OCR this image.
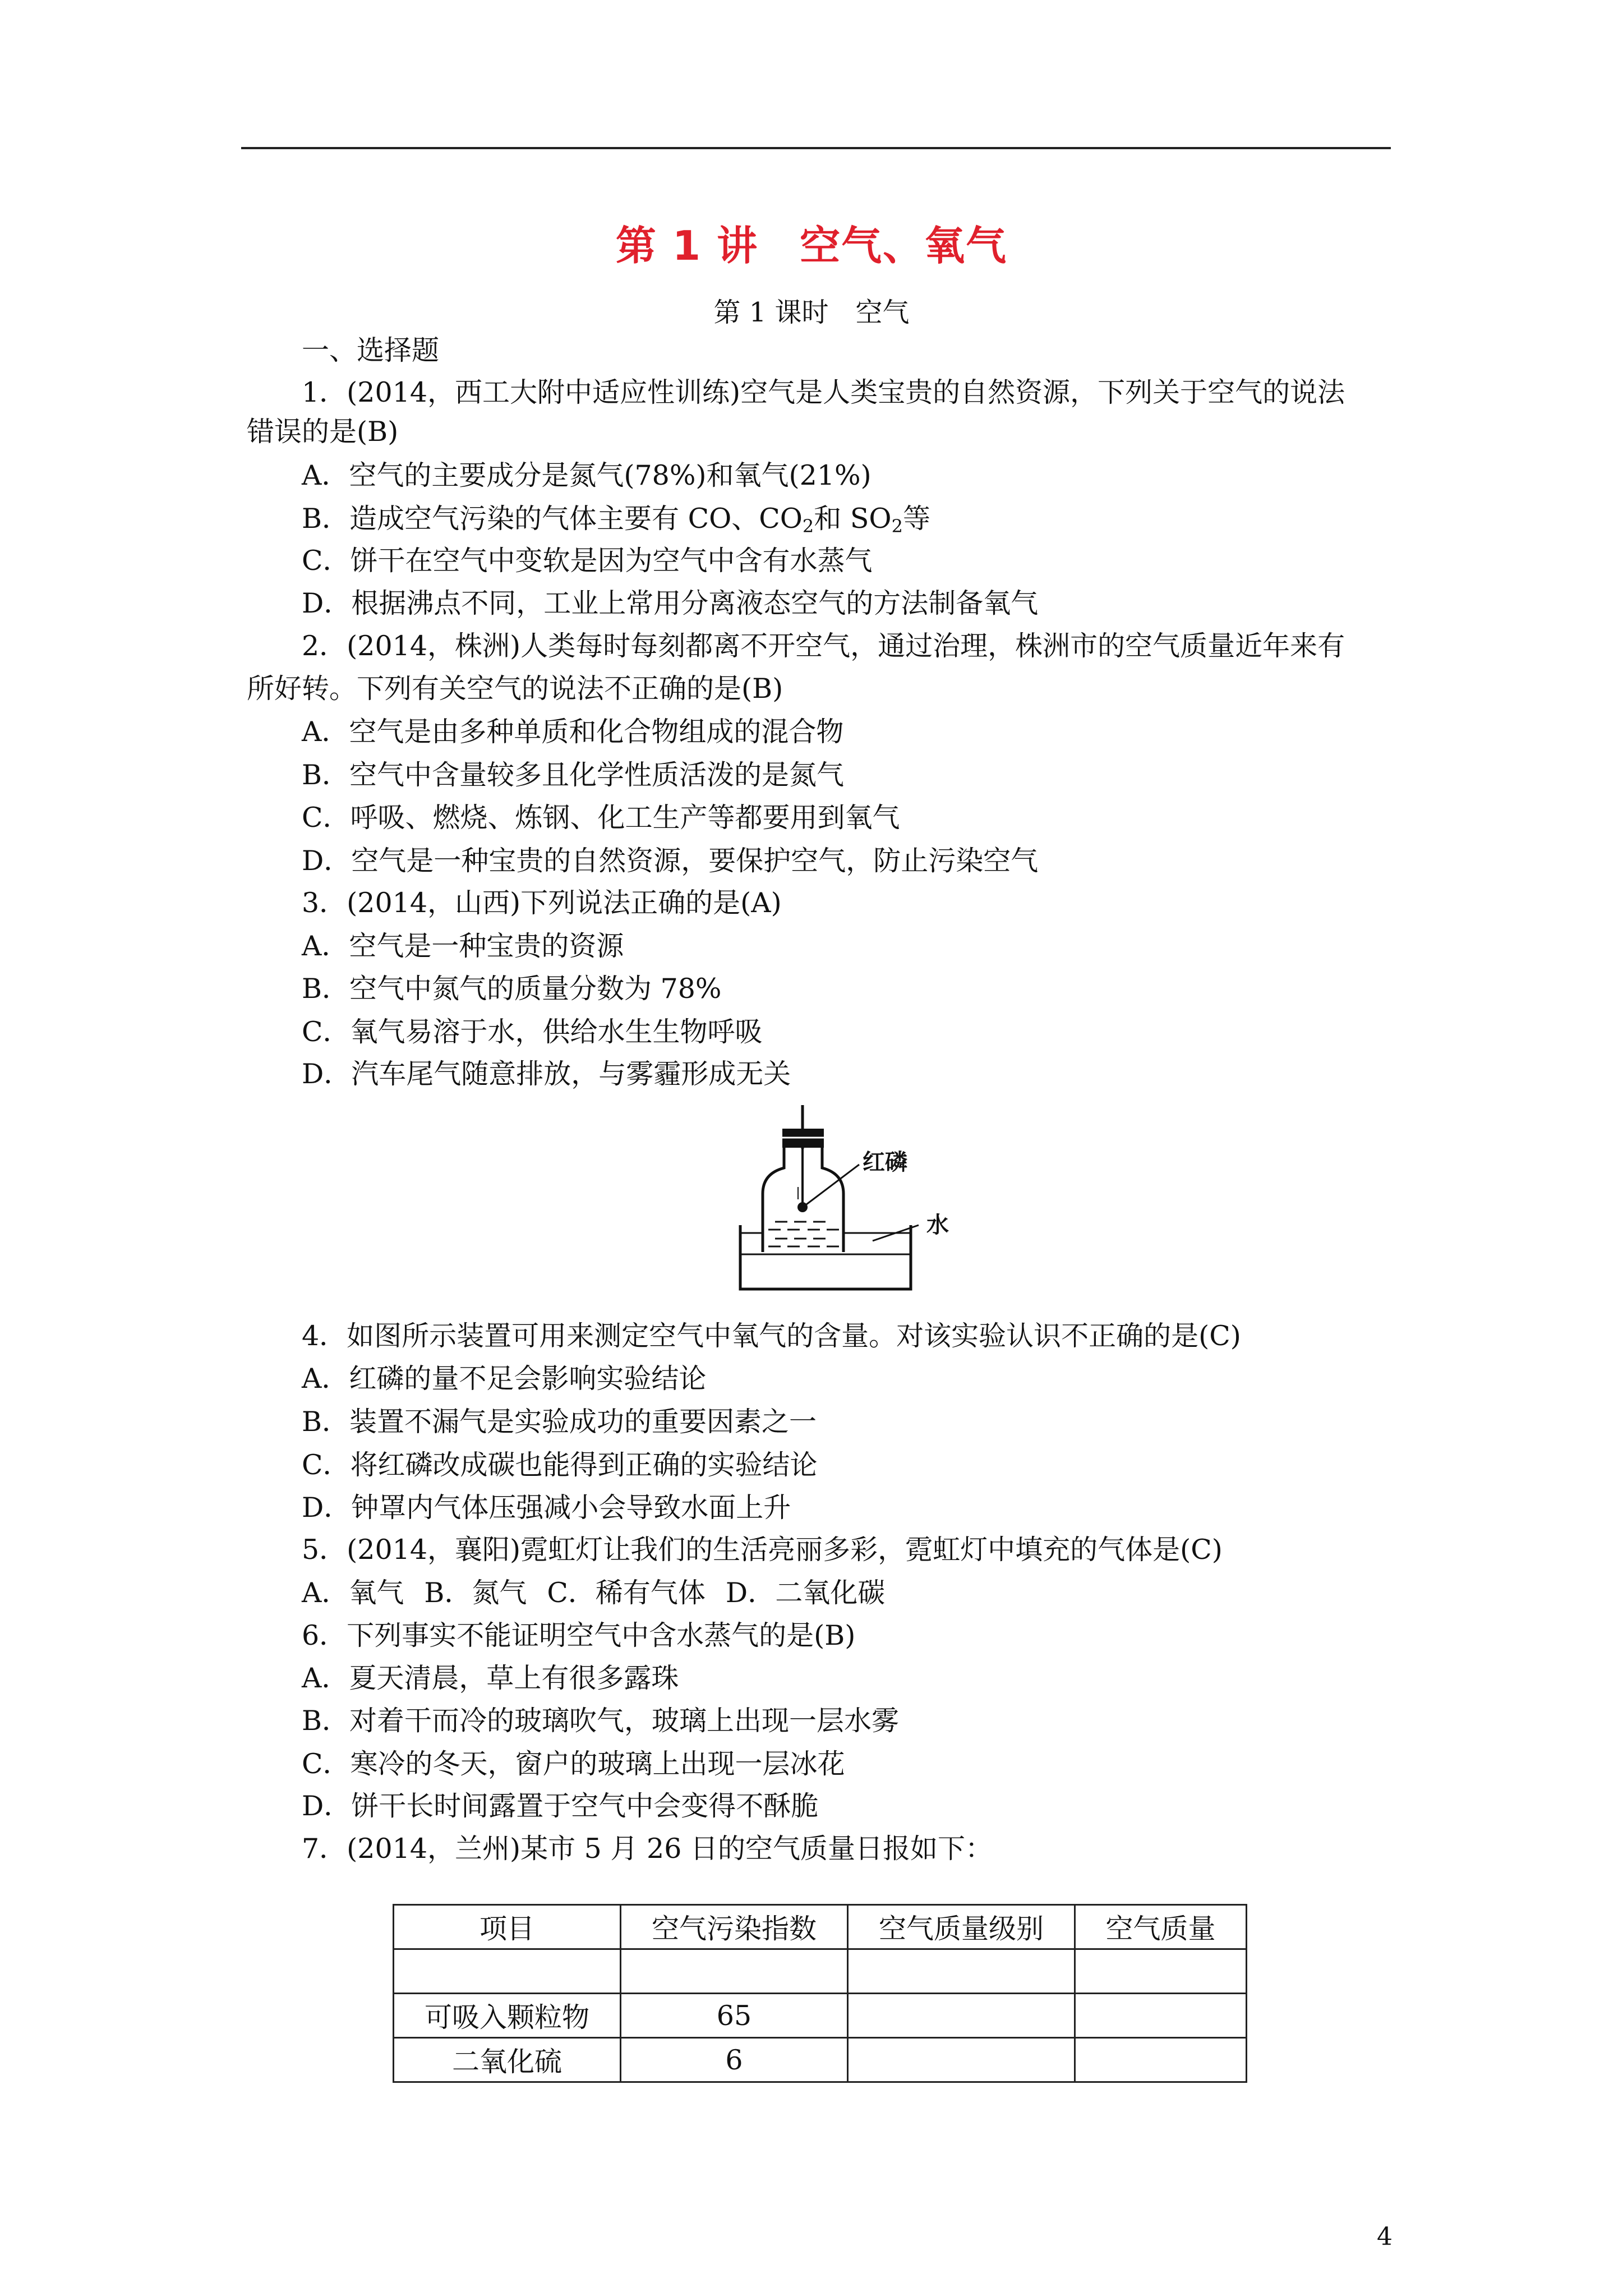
第 1 讲　空气、氧气
第 1 课时　空气
一、选择题
1．(2014，西工大附中适应性训练)空气是人类宝贵的自然资源，下列关于空气的说法
错误的是(B)
A．空气的主要成分是氮气(78%)和氧气(21%)
B．造成空气污染的气体主要有 CO、$CO_2$和 $SO_2$等
C．饼干在空气中变软是因为空气中含有水蒸气
D．根据沸点不同，工业上常用分离液态空气的方法制备氧气
2．(2014，株洲)人类每时每刻都离不开空气，通过治理，株洲市的空气质量近年来有
所好转。下列有关空气的说法不正确的是(B)
A．空气是由多种单质和化合物组成的混合物
B．空气中含量较多且化学性质活泼的是氮气
C．呼吸、燃烧、炼钢、化工生产等都要用到氧气
D．空气是一种宝贵的自然资源，要保护空气，防止污染空气
3．(2014，山西)下列说法正确的是(A)
A．空气是一种宝贵的资源
B．空气中氮气的质量分数为 78%
C．氧气易溶于水，供给水生生物呼吸
D．汽车尾气随意排放，与雾霾形成无关
红磷
水
4．如图所示装置可用来测定空气中氧气的含量。对该实验认识不正确的是(C)
A．红磷的量不足会影响实验结论
B．装置不漏气是实验成功的重要因素之一
C．将红磷改成碳也能得到正确的实验结论
D．钟罩内气体压强减小会导致水面上升
5．(2014，襄阳)霓虹灯让我们的生活亮丽多彩，霓虹灯中填充的气体是(C)
A．氧气 B．氮气 C．稀有气体 D．二氧化碳
6．下列事实不能证明空气中含水蒸气的是(B)
A．夏天清晨，草上有很多露珠
B．对着干而冷的玻璃吹气，玻璃上出现一层水雾
C．寒冷的冬天，窗户的玻璃上出现一层冰花
D．饼干长时间露置于空气中会变得不酥脆
7．(2014，兰州)某市 5 月 26 日的空气质量日报如下：
项目	空气污染指数	空气质量级别	空气质量

可吸入颗粒物	65		
二氧化硫	6		
4
